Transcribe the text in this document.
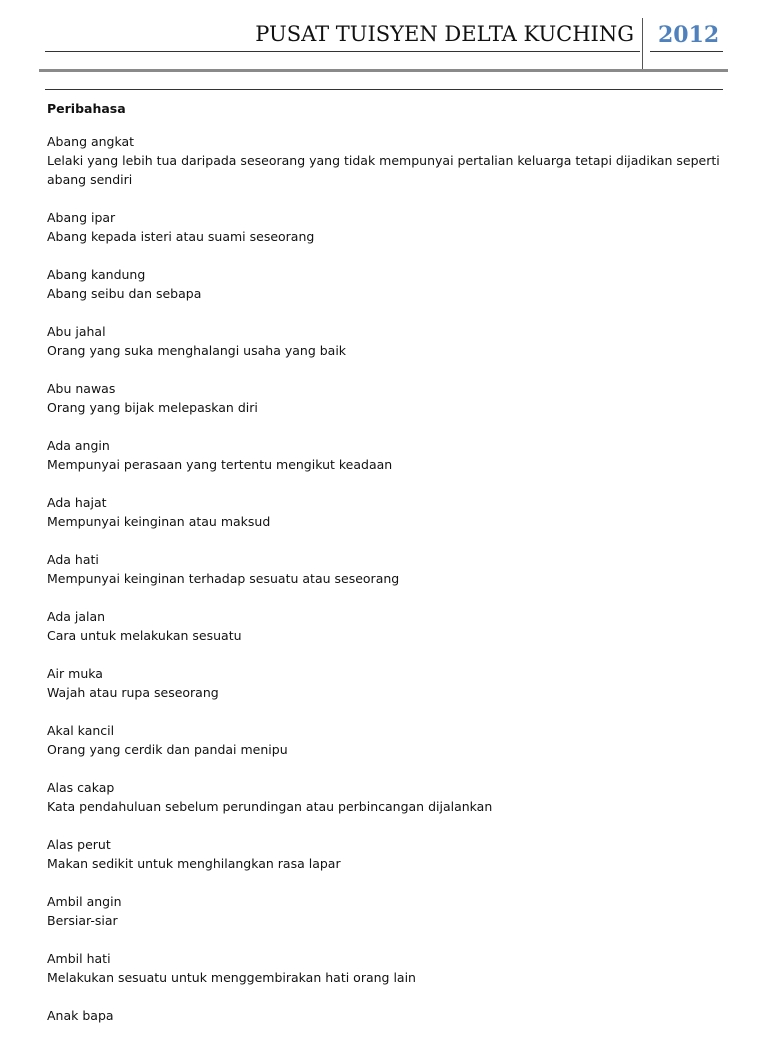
PUSAT TUISYEN DELTA KUCHING 2012
Peribahasa
Abang angkat
Lelaki yang lebih tua daripada seseorang yang tidak mempunyai pertalian keluarga tetapi dijadikan seperti abang sendiri
Abang ipar
Abang kepada isteri atau suami seseorang
Abang kandung
Abang seibu dan sebapa
Abu jahal
Orang yang suka menghalangi usaha yang baik
Abu nawas
Orang yang bijak melepaskan diri
Ada angin
Mempunyai perasaan yang tertentu mengikut keadaan
Ada hajat
Mempunyai keinginan atau maksud
Ada hati
Mempunyai keinginan terhadap sesuatu atau seseorang
Ada jalan
Cara untuk melakukan sesuatu
Air muka
Wajah atau rupa seseorang
Akal kancil
Orang yang cerdik dan pandai menipu
Alas cakap
Kata pendahuluan sebelum perundingan atau perbincangan dijalankan
Alas perut
Makan sedikit untuk menghilangkan rasa lapar
Ambil angin
Bersiar-siar
Ambil hati
Melakukan sesuatu untuk menggembirakan hati orang lain
Anak bapa
